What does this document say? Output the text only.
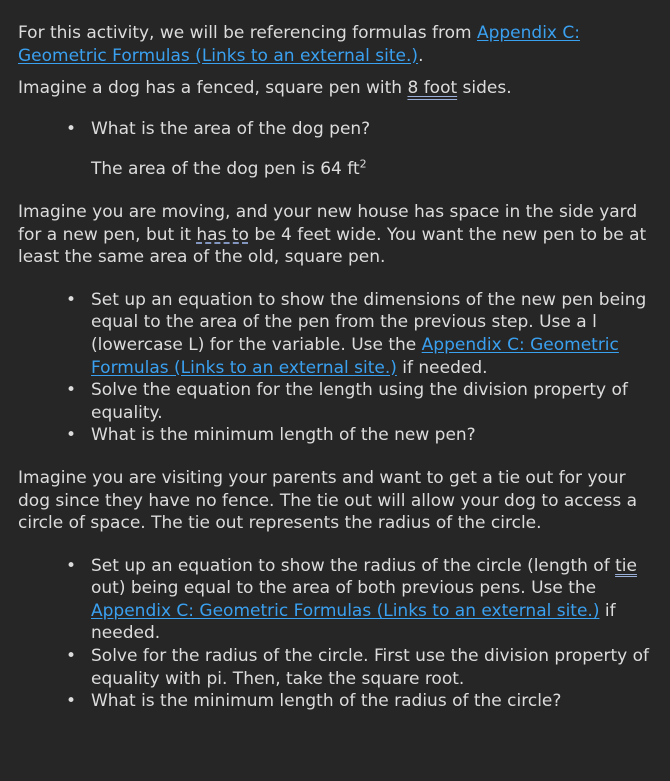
For this activity, we will be referencing formulas from Appendix C: Geometric Formulas (Links to an external site.).

Imagine a dog has a fenced, square pen with 8 foot sides.

• What is the area of the dog pen?

The area of the dog pen is 64 $ft^2$

Imagine you are moving, and your new house has space in the side yard for a new pen, but it has to be 4 feet wide. You want the new pen to be at least the same area of the old, square pen.

• Set up an equation to show the dimensions of the new pen being equal to the area of the pen from the previous step. Use a l (lowercase L) for the variable. Use the Appendix C: Geometric Formulas (Links to an external site.) if needed.
• Solve the equation for the length using the division property of equality.
• What is the minimum length of the new pen?

Imagine you are visiting your parents and want to get a tie out for your dog since they have no fence. The tie out will allow your dog to access a circle of space. The tie out represents the radius of the circle.

• Set up an equation to show the radius of the circle (length of tie out) being equal to the area of both previous pens. Use the Appendix C: Geometric Formulas (Links to an external site.) if needed.
• Solve for the radius of the circle. First use the division property of equality with pi. Then, take the square root.
• What is the minimum length of the radius of the circle?
